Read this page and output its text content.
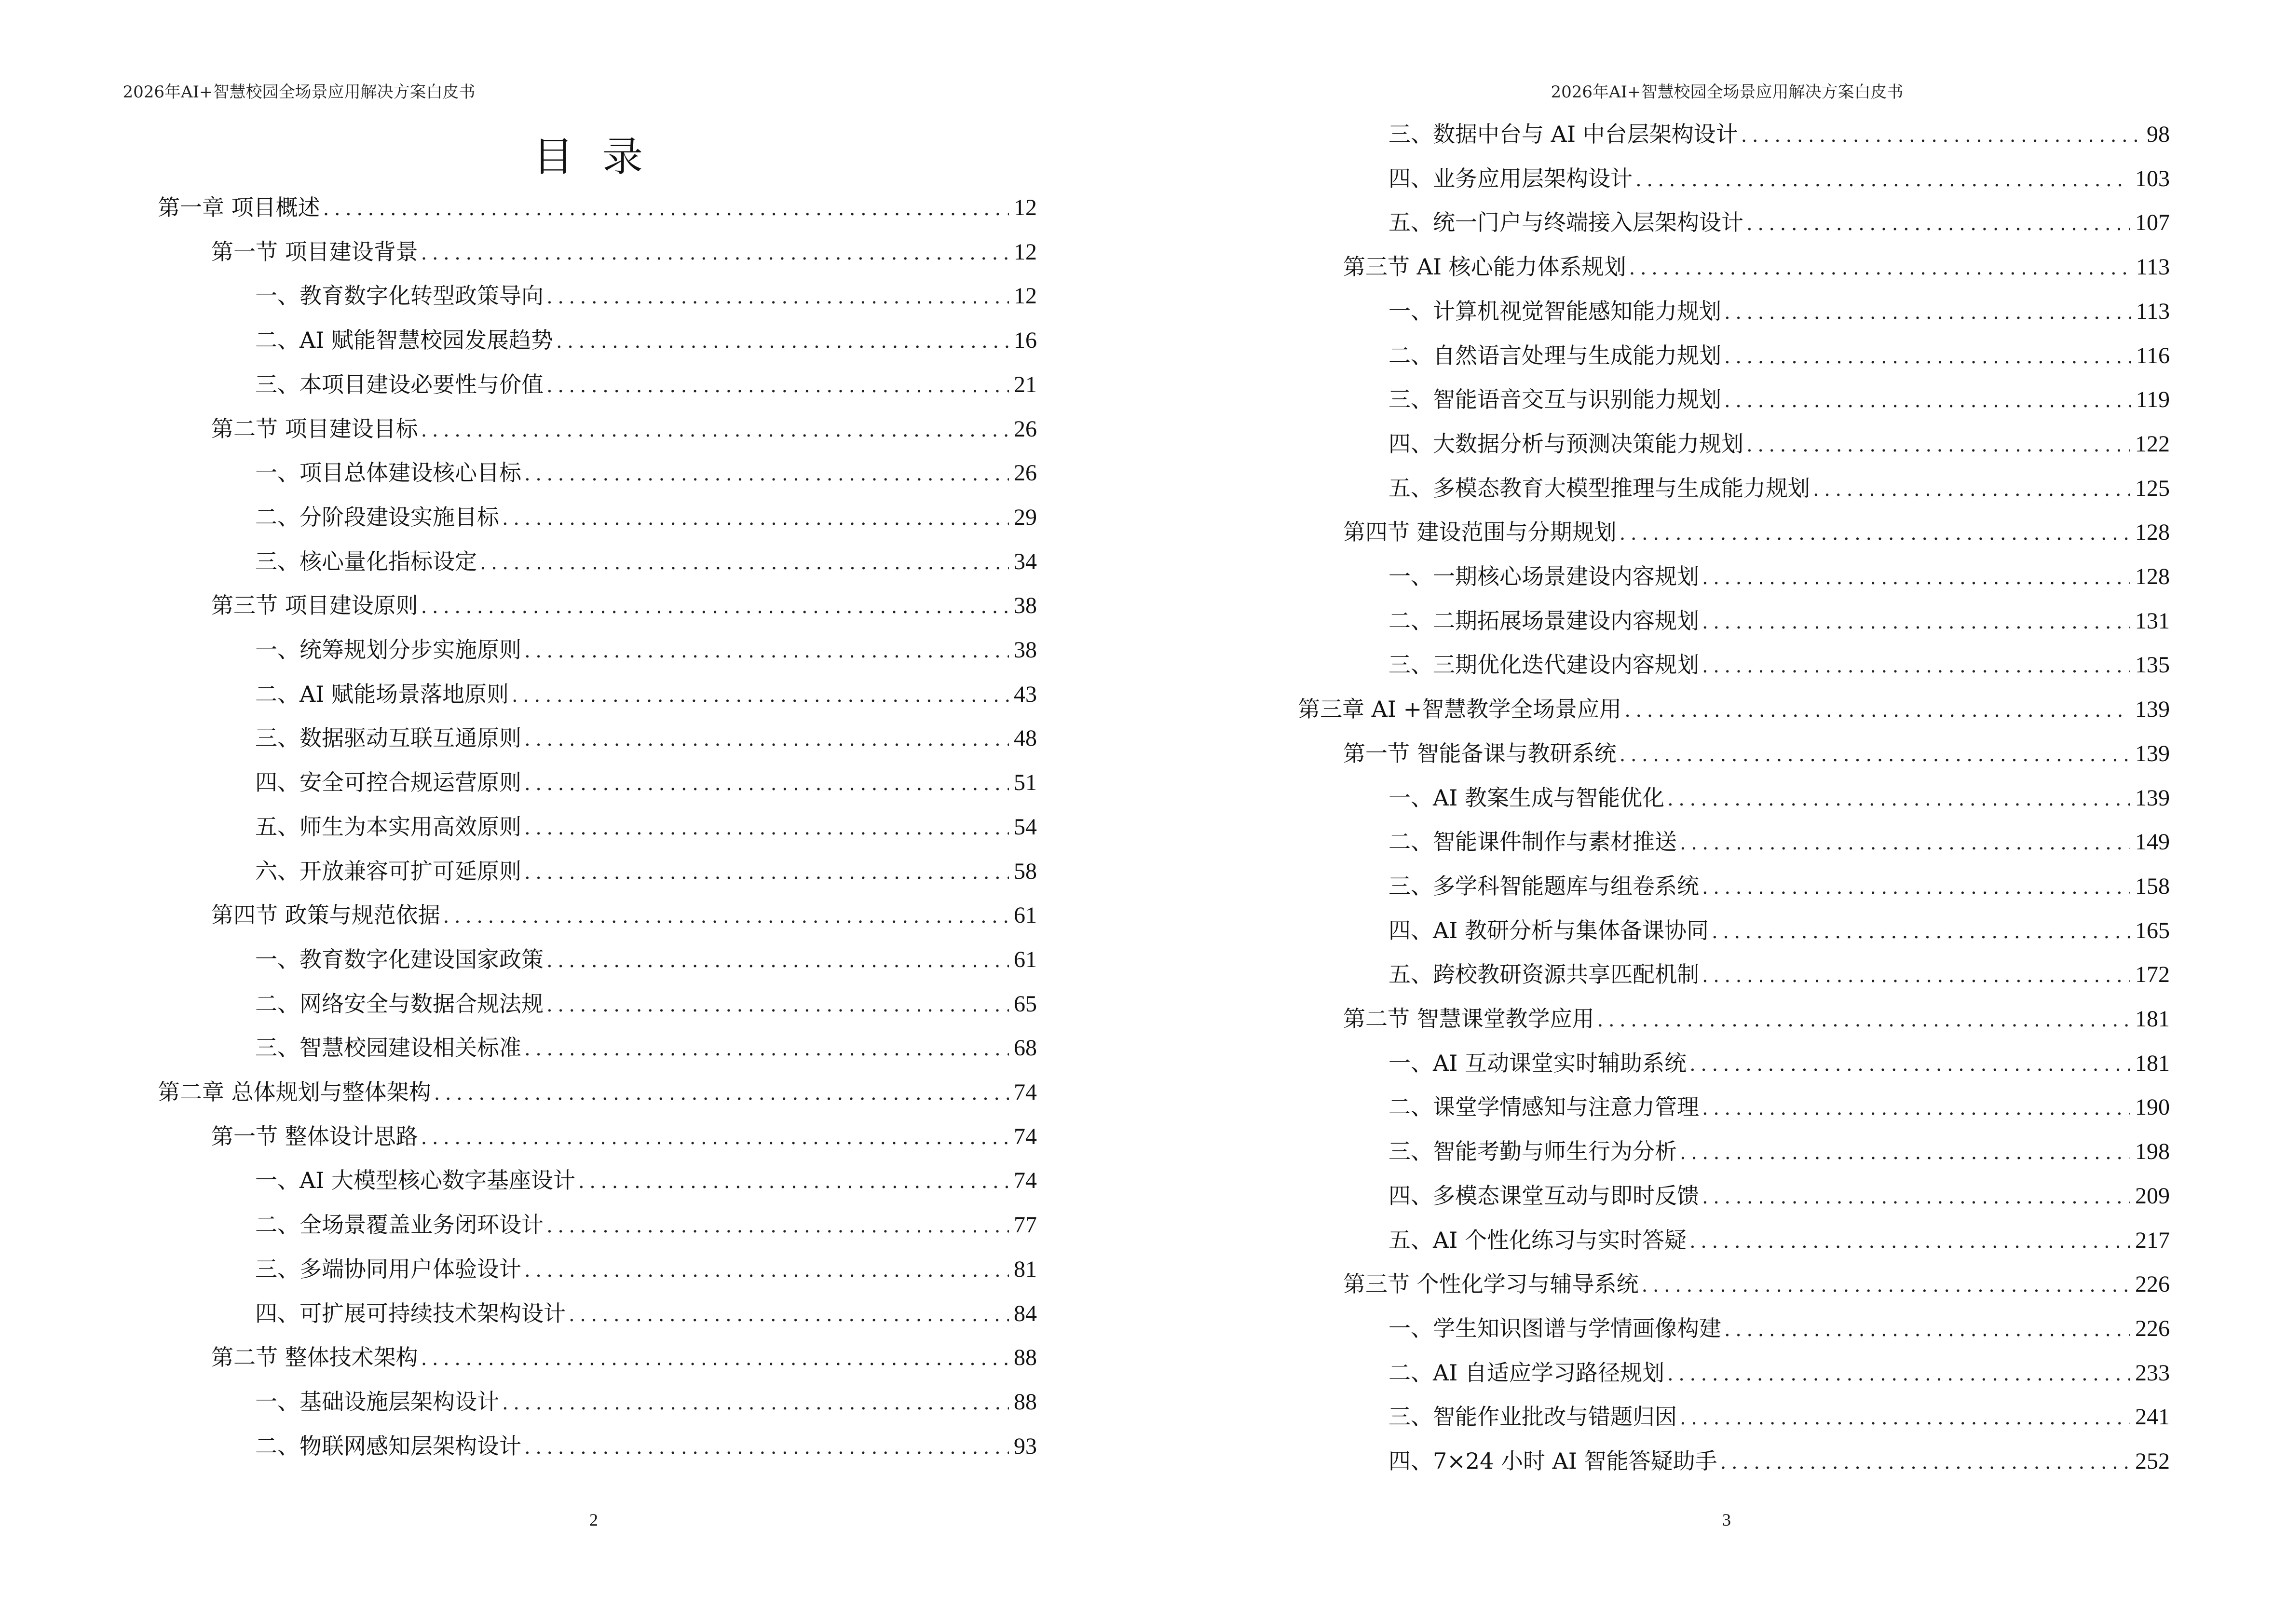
2026年AI+智慧校园全场景应用解决方案白皮书
目录
第一章 项目概述 .....	12
第一节 项目建设背景 .....	12
一、教育数字化转型政策导向 .....	12
二、AI 赋能智慧校园发展趋势 .....	16
三、本项目建设必要性与价值 .....	21
第二节 项目建设目标 .....	26
一、项目总体建设核心目标 .....	26
二、分阶段建设实施目标 .....	29
三、核心量化指标设定 .....	34
第三节 项目建设原则 .....	38
一、统筹规划分步实施原则 .....	38
二、AI 赋能场景落地原则 .....	43
三、数据驱动互联互通原则 .....	48
四、安全可控合规运营原则 .....	51
五、师生为本实用高效原则 .....	54
六、开放兼容可扩可延原则 .....	58
第四节 政策与规范依据 .....	61
一、教育数字化建设国家政策 .....	61
二、网络安全与数据合规法规 .....	65
三、智慧校园建设相关标准 .....	68
第二章 总体规划与整体架构 .....	74
第一节 整体设计思路 .....	74
一、AI 大模型核心数字基座设计 .....	74
二、全场景覆盖业务闭环设计 .....	77
三、多端协同用户体验设计 .....	81
四、可扩展可持续技术架构设计 .....	84
第二节 整体技术架构 .....	88
一、基础设施层架构设计 .....	88
二、物联网感知层架构设计 .....	93
2
2026年AI+智慧校园全场景应用解决方案白皮书
三、数据中台与 AI 中台层架构设计 .....	98
四、业务应用层架构设计 .....	103
五、统一门户与终端接入层架构设计 .....	107
第三节 AI 核心能力体系规划 .....	113
一、计算机视觉智能感知能力规划 .....	113
二、自然语言处理与生成能力规划 .....	116
三、智能语音交互与识别能力规划 .....	119
四、大数据分析与预测决策能力规划 .....	122
五、多模态教育大模型推理与生成能力规划 .....	125
第四节 建设范围与分期规划 .....	128
一、一期核心场景建设内容规划 .....	128
二、二期拓展场景建设内容规划 .....	131
三、三期优化迭代建设内容规划 .....	135
第三章 AI +智慧教学全场景应用 .....	139
第一节 智能备课与教研系统 .....	139
一、AI 教案生成与智能优化 .....	139
二、智能课件制作与素材推送 .....	149
三、多学科智能题库与组卷系统 .....	158
四、AI 教研分析与集体备课协同 .....	165
五、跨校教研资源共享匹配机制 .....	172
第二节 智慧课堂教学应用 .....	181
一、AI 互动课堂实时辅助系统 .....	181
二、课堂学情感知与注意力管理 .....	190
三、智能考勤与师生行为分析 .....	198
四、多模态课堂互动与即时反馈 .....	209
五、AI 个性化练习与实时答疑 .....	217
第三节 个性化学习与辅导系统 .....	226
一、学生知识图谱与学情画像构建 .....	226
二、AI 自适应学习路径规划 .....	233
三、智能作业批改与错题归因 .....	241
四、7×24 小时 AI 智能答疑助手 .....	252
3
